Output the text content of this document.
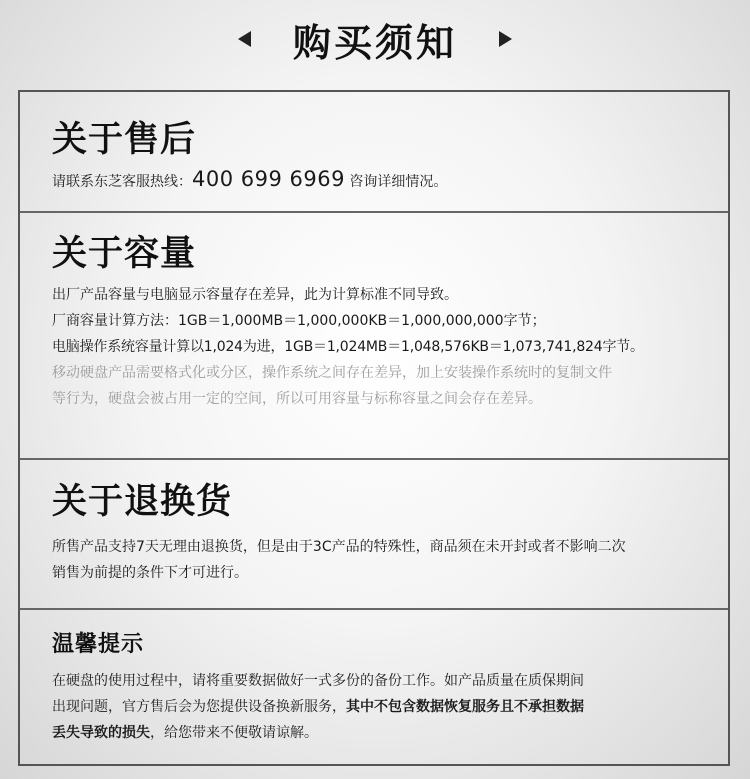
购买须知
关于售后

请联系东芝客服热线：400 699 6969 咨询详细情况。

关于容量

出厂产品容量与电脑显示容量存在差异，此为计算标准不同导致。

厂商容量计算方法：1GB＝1,000MB＝1,000,000KB＝1,000,000,000字节；

电脑操作系统容量计算以1,024为进，1GB＝1,024MB＝1,048,576KB＝1,073,741,824字节。

移动硬盘产品需要格式化或分区，操作系统之间存在差异，加上安装操作系统时的复制文件

等行为，硬盘会被占用一定的空间，所以可用容量与标称容量之间会存在差异。

关于退换货

所售产品支持7天无理由退换货，但是由于3C产品的特殊性，商品须在未开封或者不影响二次

销售为前提的条件下才可进行。

温馨提示

在硬盘的使用过程中，请将重要数据做好一式多份的备份工作。如产品质量在质保期间

出现问题，官方售后会为您提供设备换新服务，其中不包含数据恢复服务且不承担数据

丢失导致的损失，给您带来不便敬请谅解。
